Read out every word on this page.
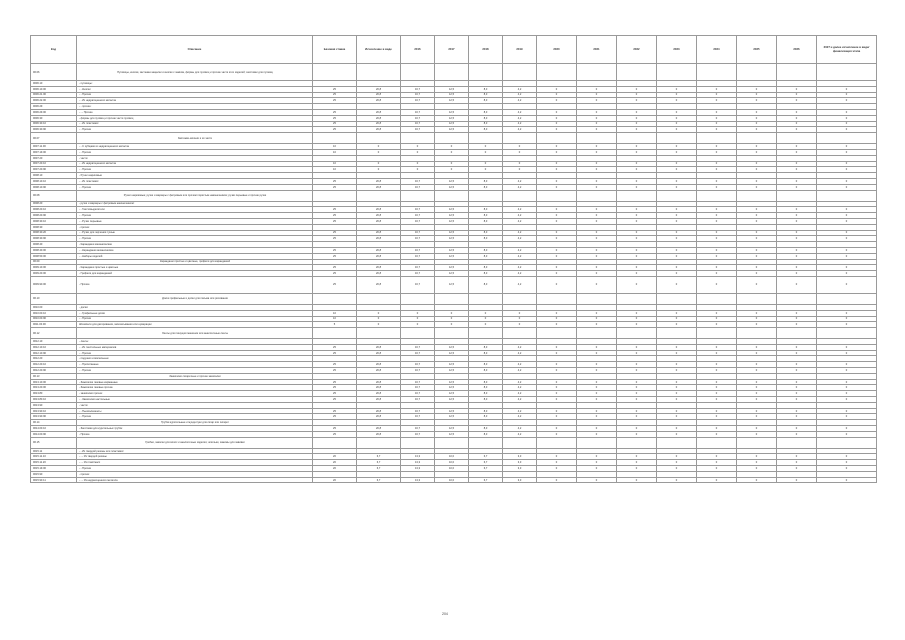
Код	Описание	Базовая ставка	Исчисление в виде	2016	2017	2018	2019	2020	2021	2022	2023	2024	2025	2026	2027 и далее исчисление в виде/финализация этапа
96.06	Пуговицы, кнопки, застежки-защелки и кнопки с замком, формы для пуговиц и прочие части этих изделий; заготовки для пуговиц														
9606.10	- пуговицы:														
9606.10.00	- - Кнопки	25	20,8	16,7	12,5	8,3	4,2	0	0	0	0	0	0	0	0
9606.21.00	- - Прочие	25	20,8	16,7	12,5	8,3	4,2	0	0	0	0	0	0	0	0
9606.22.00	- - Из недрагоценного металла	25	20,8	16,7	12,5	8,3	4,2	0	0	0	0	0	0	0	0
9606.29	- - прочие:														
9606.29.00	- - - Прочие	25	20,8	16,7	12,5	8,3	4,2	0	0	0	0	0	0	0	0
9606.30	- формы для пуговиц и прочие части пуговиц	25	20,8	16,7	12,5	8,3	4,2	0	0	0	0	0	0	0	0
9606.30.10	- - Из пластмасс	25	20,8	16,7	12,5	8,3	4,2	0	0	0	0	0	0	0	0
9606.30.90	- - Прочие	25	20,8	16,7	12,5	8,3	4,2	0	0	0	0	0	0	0	0
96.07	Застежки-молнии и их части														
9607.11.00	- - С зубцами из недрагоценного металла	10	0	0	0	0	0	0	0	0	0	0	0	0	0
9607.19.00	- - Прочие	10	0	0	0	0	0	0	0	0	0	0	0	0	0
9607.20	- части:														
9607.20.10	- - Из недрагоценного металла	10	0	0	0	0	0	0	0	0	0	0	0	0	0
9607.20.90	- - Прочие	10	0	0	0	0	0	0	0	0	0	0	0	0	0
9608.10	- Ручки шариковые														
9608.10.10	- - Из пластмасс	25	20,8	16,7	12,5	8,3	4,2	0	0	0	0	0	0	0	0
9608.10.90	- - Прочие	25	20,8	16,7	12,5	8,3	4,2	0	0	0	0	0	0	0	0
96.08	Ручки шариковые; ручки и маркеры с фетровым или прочим пористым наконечником; ручки перьевые и прочие ручки														
9608.20	- ручки и маркеры с фетровым наконечником:														
9608.20.10	- - Текстовыделители	25	20,8	16,7	12,5	8,3	4,2	0	0	0	0	0	0	0	0
9608.20.90	- - Прочие	25	20,8	16,7	12,5	8,3	4,2	0	0	0	0	0	0	0	0
9608.30.10	- - Ручки перьевые	25	20,8	16,7	12,5	8,3	4,2	0	0	0	0	0	0	0	0
9608.30	- прочие:														
9608.30.20	- - Ручки для черчения тушью	25	20,8	16,7	12,5	8,3	4,2	0	0	0	0	0	0	0	0
9608.30.90	- - Прочие	25	20,8	16,7	12,5	8,3	4,2	0	0	0	0	0	0	0	0
9608.40	- Карандаши механические														
9608.40.00	- - Карандаши механические	25	20,8	16,7	12,5	8,3	4,2	0	0	0	0	0	0	0	0
9608.50.00	- - Наборы изделий	25	20,8	16,7	12,5	8,3	4,2	0	0	0	0	0	0	0	0
96.09	Карандаши простые и цветные, грифели для карандашей														
9609.10.00	- Карандаши простые и цветные	25	20,8	16,7	12,5	8,3	4,2	0	0	0	0	0	0	0	0
9609.20.00	- Грифели для карандашей	25	20,8	16,7	12,5	8,3	4,2	0	0	0	0	0	0	0	0
9609.90.00	- Прочие	25	20,8	16,7	12,5	8,3	4,2	0	0	0	0	0	0	0	0
96.10	Доски грифельные и доски для письма или рисования														
9610.00	- доски:														
9610.00.10	- - Грифельные доски	10	0	0	0	0	0	0	0	0	0	0	0	0	0
9610.00.90	- - Прочие	10	0	0	0	0	0	0	0	0	0	0	0	0	0
9611.00.00	Штемпели для датирования, запечатывания или нумерации	5	0	0	0	0	0	0	0	0	0	0	0	0	0
96.12	Ленты для пишущих машинок или аналогичные ленты														
9612.10	- ленты:														
9612.10.10	- - Из текстильных материалов	25	20,8	16,7	12,5	8,3	4,2	0	0	0	0	0	0	0	0
9612.10.90	- - Прочие	25	20,8	16,7	12,5	8,3	4,2	0	0	0	0	0	0	0	0
9612.20	- подушки штемпельные:														
9612.20.10	- - Пропитанные	25	20,8	16,7	12,5	8,3	4,2	0	0	0	0	0	0	0	0
9612.20.90	- - Прочие	25	20,8	16,7	12,5	8,3	4,2	0	0	0	0	0	0	0	0
96.13	Зажигалки сигаретные и прочие зажигалки														
9613.10.00	- Зажигалки газовые карманные	25	20,8	16,7	12,5	8,3	4,2	0	0	0	0	0	0	0	0
9613.20.00	- Зажигалки газовые прочие	25	20,8	16,7	12,5	8,3	4,2	0	0	0	0	0	0	0	0
9613.80	- зажигалки прочие:	25	20,8	16,7	12,5	8,3	4,2	0	0	0	0	0	0	0	0
9613.80.10	- - Зажигалки настольные	25	20,8	16,7	12,5	8,3	4,2	0	0	0	0	0	0	0	0
9613.90	- части:														
9613.90.10	- - Пьезоэлементы	25	20,8	16,7	12,5	8,3	4,2	0	0	0	0	0	0	0	0
9613.90.90	- - Прочие	25	20,8	16,7	12,5	8,3	4,2	0	0	0	0	0	0	0	0
96.14	Трубки курительные и мундштуки для сигар или сигарет														
9614.00.10	- Заготовки для курительных трубок	25	20,8	16,7	12,5	8,3	4,2	0	0	0	0	0	0	0	0
9614.00.90	- Прочие	25	20,8	16,7	12,5	8,3	4,2	0	0	0	0	0	0	0	0
96.15	Гребни, заколки для волос и аналогичные изделия; шпильки, зажимы для завивки														
9615.11	- - Из твердой резины или пластмасс														
9615.11.10	- - - Из твердой резины	20	6,7	13,3	10,0	6,7	3,3	0	0	0	0	0	0	0	0
9615.11.20	- - - Из пластмасс	20	6,7	13,3	10,0	6,7	3,3	0	0	0	0	0	0	0	0
9615.19.00	- - Прочие	20	6,7	13,3	10,0	6,7	3,3	0	0	0	0	0	0	0	0
9615.90	- прочие:														
9615.90.11	- - - Из недрагоценного металла	20	6,7	13,3	10,0	6,7	3,3	0	0	0	0	0	0	0	0
204
